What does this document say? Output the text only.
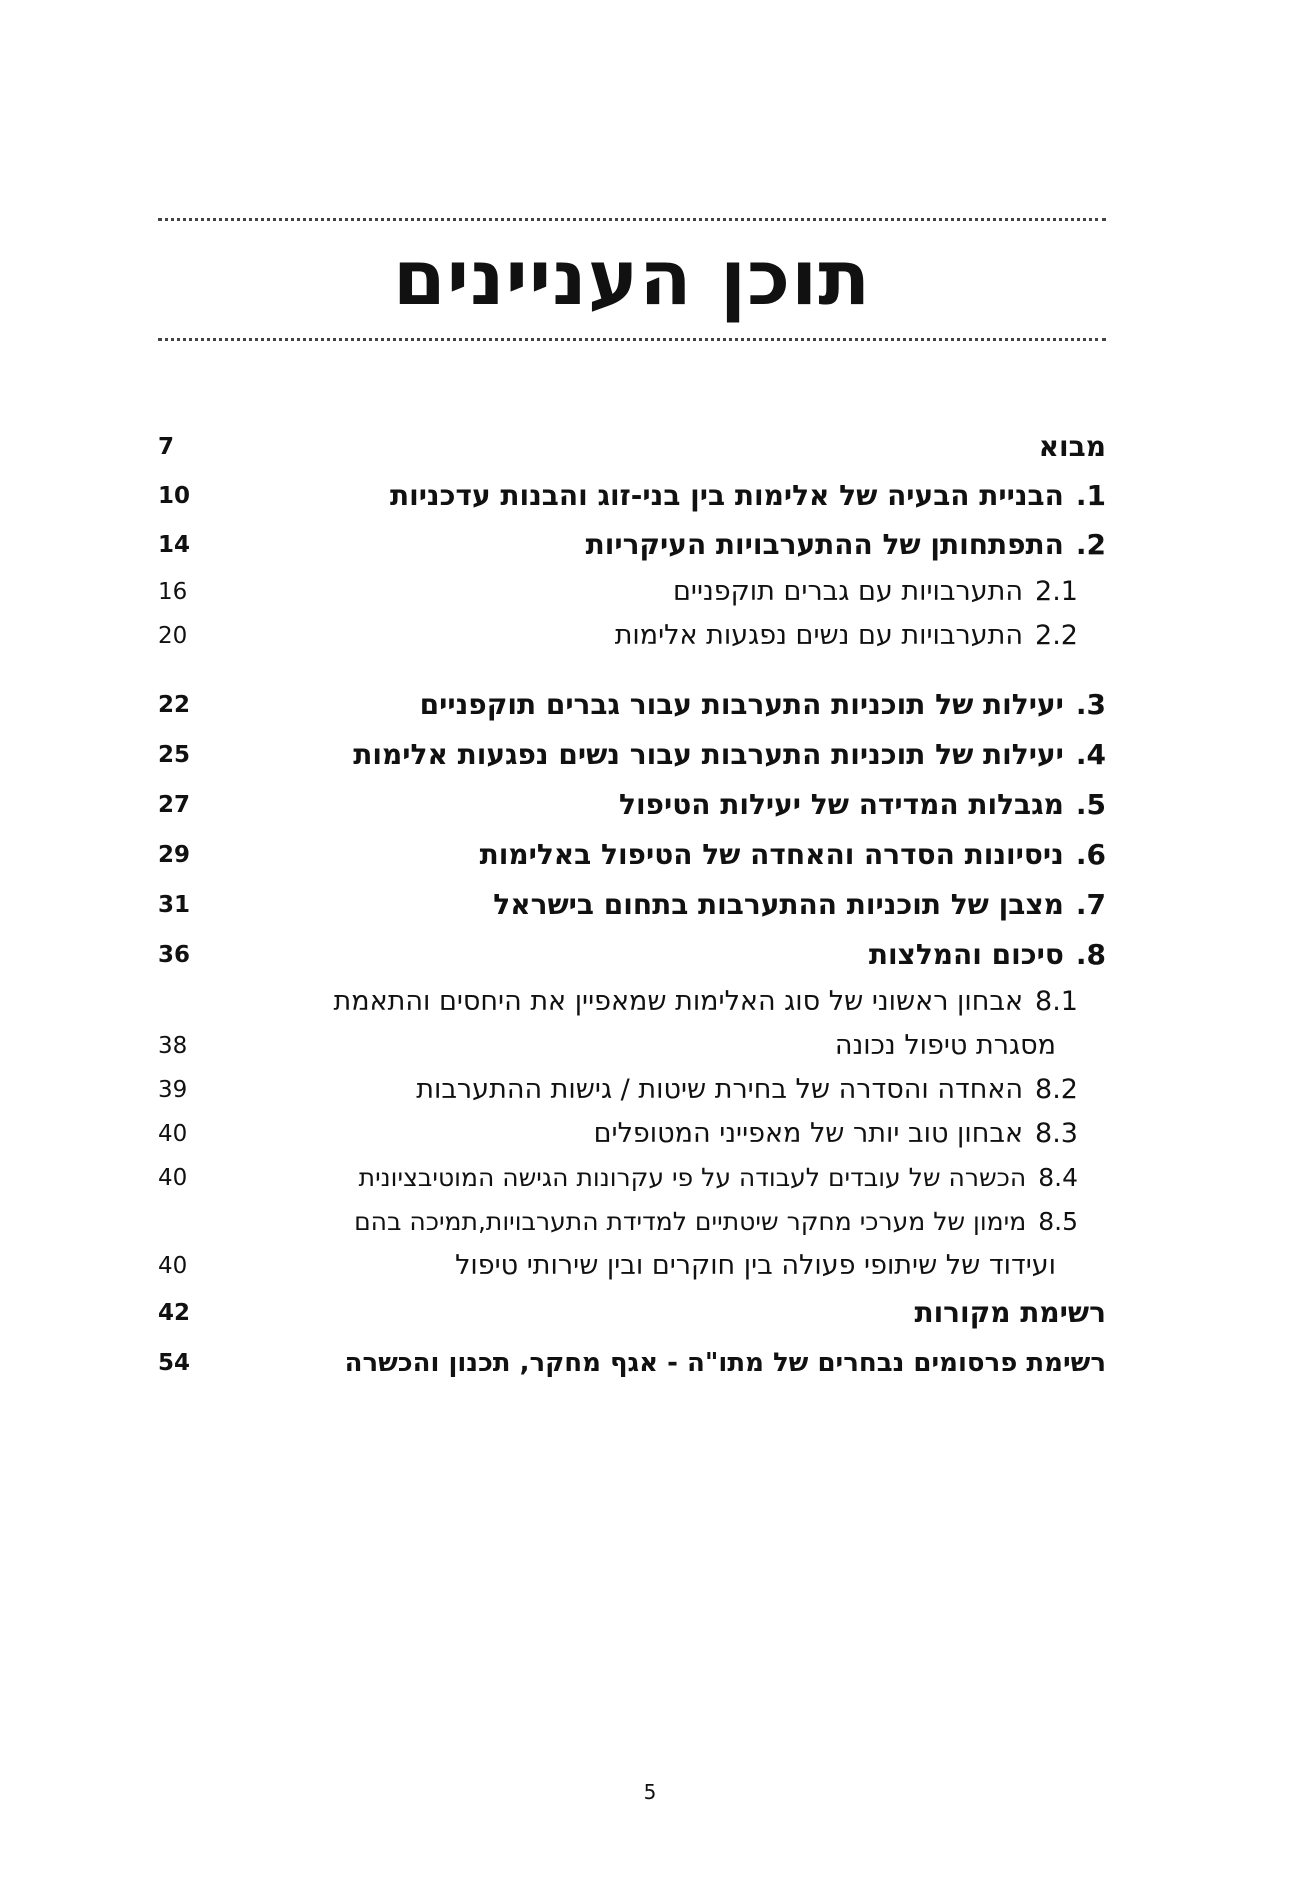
תוכן העניינים
מבוא
7
.1הבניית הבעיה של אלימות בין בני-זוג והבנות עדכניות
10
.2התפתחותן של ההתערבויות העיקריות
14
2.1התערבויות עם גברים תוקפניים
16
2.2התערבויות עם נשים נפגעות אלימות
20
.3יעילות של תוכניות התערבות עבור גברים תוקפניים
22
.4יעילות של תוכניות התערבות עבור נשים נפגעות אלימות
25
.5מגבלות המדידה של יעילות הטיפול
27
.6ניסיונות הסדרה והאחדה של הטיפול באלימות
29
.7מצבן של תוכניות ההתערבות בתחום בישראל
31
.8סיכום והמלצות
36
8.1אבחון ראשוני של סוג האלימות שמאפיין את היחסים והתאמת
מסגרת טיפול נכונה
38
8.2האחדה והסדרה של בחירת שיטות / גישות ההתערבות
39
8.3אבחון טוב יותר של מאפייני המטופלים
40
8.4הכשרה של עובדים לעבודה על פי עקרונות הגישה המוטיבציונית
40
8.5מימון של מערכי מחקר שיטתיים למדידת התערבויות,תמיכה בהם
ועידוד של שיתופי פעולה בין חוקרים ובין שירותי טיפול
40
רשימת מקורות
42
רשימת פרסומים נבחרים של מתו"ה - אגף מחקר, תכנון והכשרה
54
5
